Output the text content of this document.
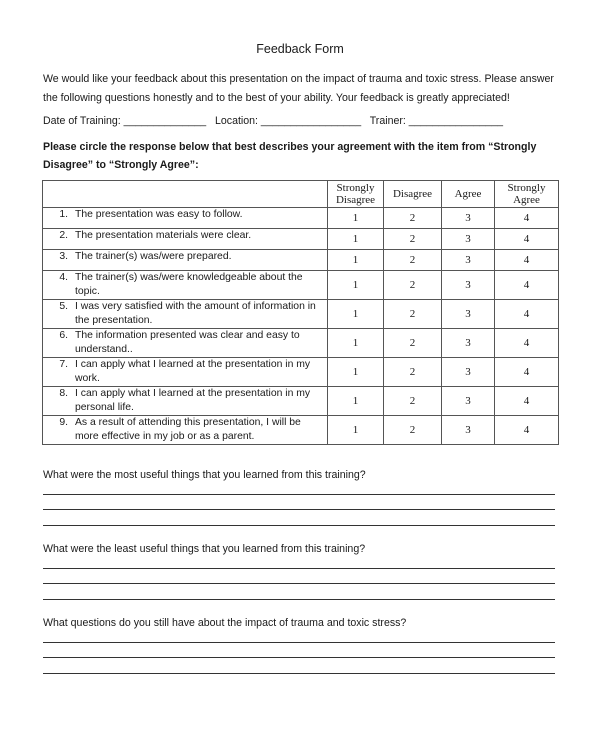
Feedback Form
We would like your feedback about this presentation on the impact of trauma and toxic stress. Please answer the following questions honestly and to the best of your ability. Your feedback is greatly appreciated!
Date of Training: ______________   Location: _________________   Trainer: ________________
Please circle the response below that best describes your agreement with the item from “Strongly Disagree” to “Strongly Agree”:
	Strongly Disagree	Disagree	Agree	Strongly Agree

1. The presentation was easy to follow.	1	2	3	4

2. The presentation materials were clear.	1	2	3	4

3. The trainer(s) was/were prepared.	1	2	3	4

4. The trainer(s) was/were knowledgeable about the topic.	1	2	3	4

5. I was very satisfied with the amount of information in the presentation.	1	2	3	4

6. The information presented was clear and easy to understand..	1	2	3	4

7. I can apply what I learned at the presentation in my work.	1	2	3	4

8. I can apply what I learned at the presentation in my personal life.	1	2	3	4

9. As a result of attending this presentation, I will be more effective in my job or as a parent.	1	2	3	4
What were the most useful things that you learned from this training?
What were the least useful things that you learned from this training?
What questions do you still have about the impact of trauma and toxic stress?
